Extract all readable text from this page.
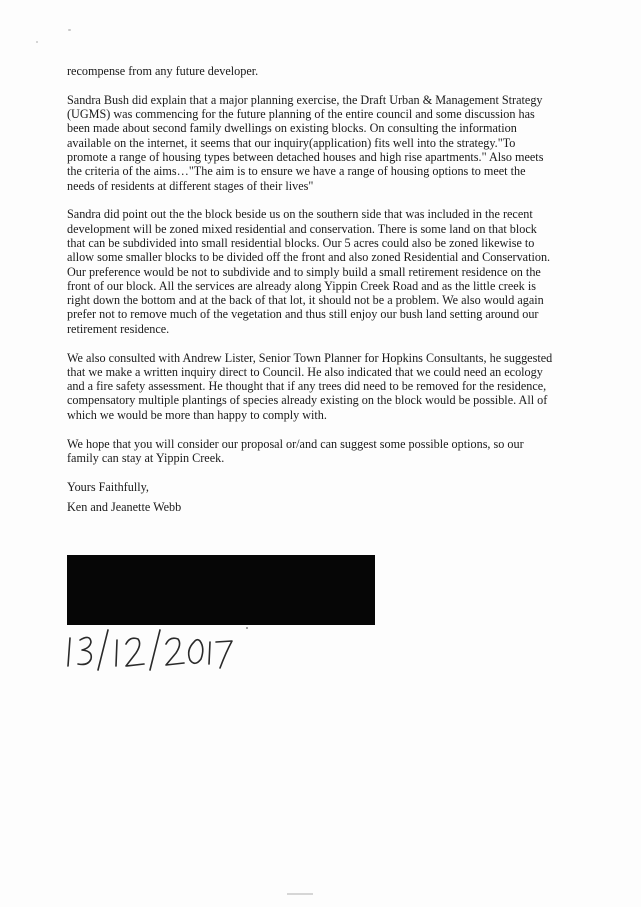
recompense from any future developer.

Sandra Bush did explain that a major planning exercise, the Draft Urban & Management Strategy
(UGMS) was commencing for the future planning of the entire council and some discussion has
been made about second family dwellings on existing blocks. On consulting the information
available on the internet, it seems that our inquiry(application) fits well into the strategy."To
promote a range of housing types between detached houses and high rise apartments." Also meets
the criteria of the aims…"The aim is to ensure we have a range of housing options to meet the
needs of residents at different stages of their lives"

Sandra did point out the the block beside us on the southern side that was included in the recent
development will be zoned mixed residential and conservation. There is some land on that block
that can be subdivided into small residential blocks. Our 5 acres could also be zoned likewise to
allow some smaller blocks to be divided off the front and also zoned Residential and Conservation.
Our preference would be not to subdivide and to simply build a small retirement residence on the
front of our block. All the services are already along Yippin Creek Road and as the little creek is
right down the bottom and at the back of that lot, it should not be a problem. We also would again
prefer not to remove much of the vegetation and thus still enjoy our bush land setting around our
retirement residence.

We also consulted with Andrew Lister, Senior Town Planner for Hopkins Consultants, he suggested
that we make a written inquiry direct to Council. He also indicated that we could need an ecology
and a fire safety assessment. He thought that if any trees did need to be removed for the residence,
compensatory multiple plantings of species already existing on the block would be possible. All of
which we would be more than happy to comply with.

We hope that you will consider our proposal or/and can suggest some possible options, so our
family can stay at Yippin Creek.

Yours Faithfully,

Ken and Jeanette Webb
